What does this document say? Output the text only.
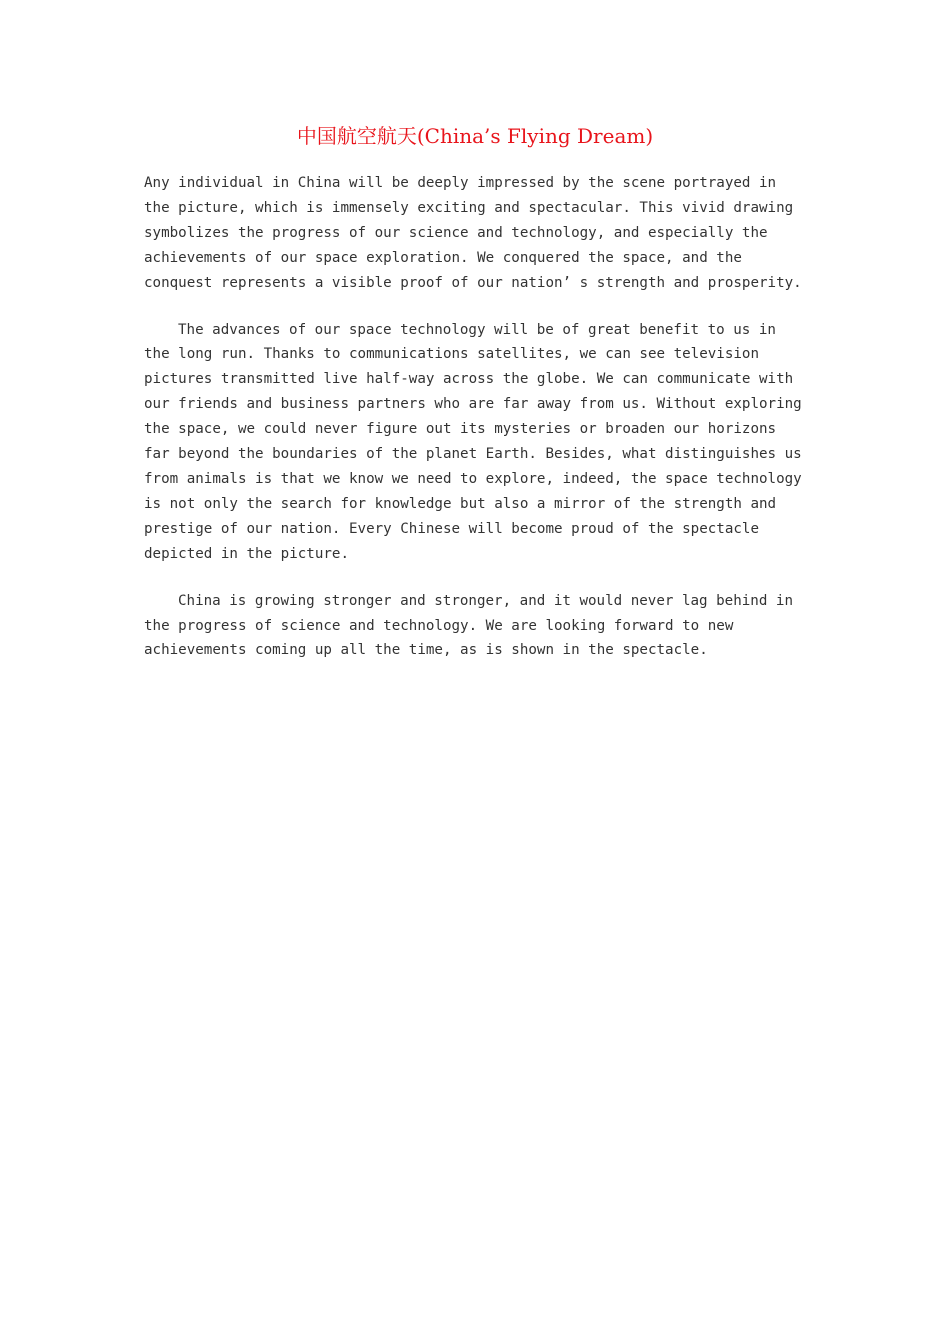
中国航空航天(China’s Flying Dream)

Any individual in China will be deeply impressed by the scene portrayed in the picture, which is immensely exciting and spectacular. This vivid drawing symbolizes the progress of our science and technology, and especially the achievements of our space exploration. We conquered the space, and the conquest represents a visible proof of our nation’ s strength and prosperity.

The advances of our space technology will be of great benefit to us in the long run. Thanks to communications satellites, we can see television pictures transmitted live half-way across the globe. We can communicate with our friends and business partners who are far away from us. Without exploring the space, we could never figure out its mysteries or broaden our horizons far beyond the boundaries of the planet Earth. Besides, what distinguishes us from animals is that we know we need to explore, indeed, the space technology is not only the search for knowledge but also a mirror of the strength and prestige of our nation. Every Chinese will become proud of the spectacle depicted in the picture.

China is growing stronger and stronger, and it would never lag behind in the progress of science and technology. We are looking forward to new achievements coming up all the time, as is shown in the spectacle.
